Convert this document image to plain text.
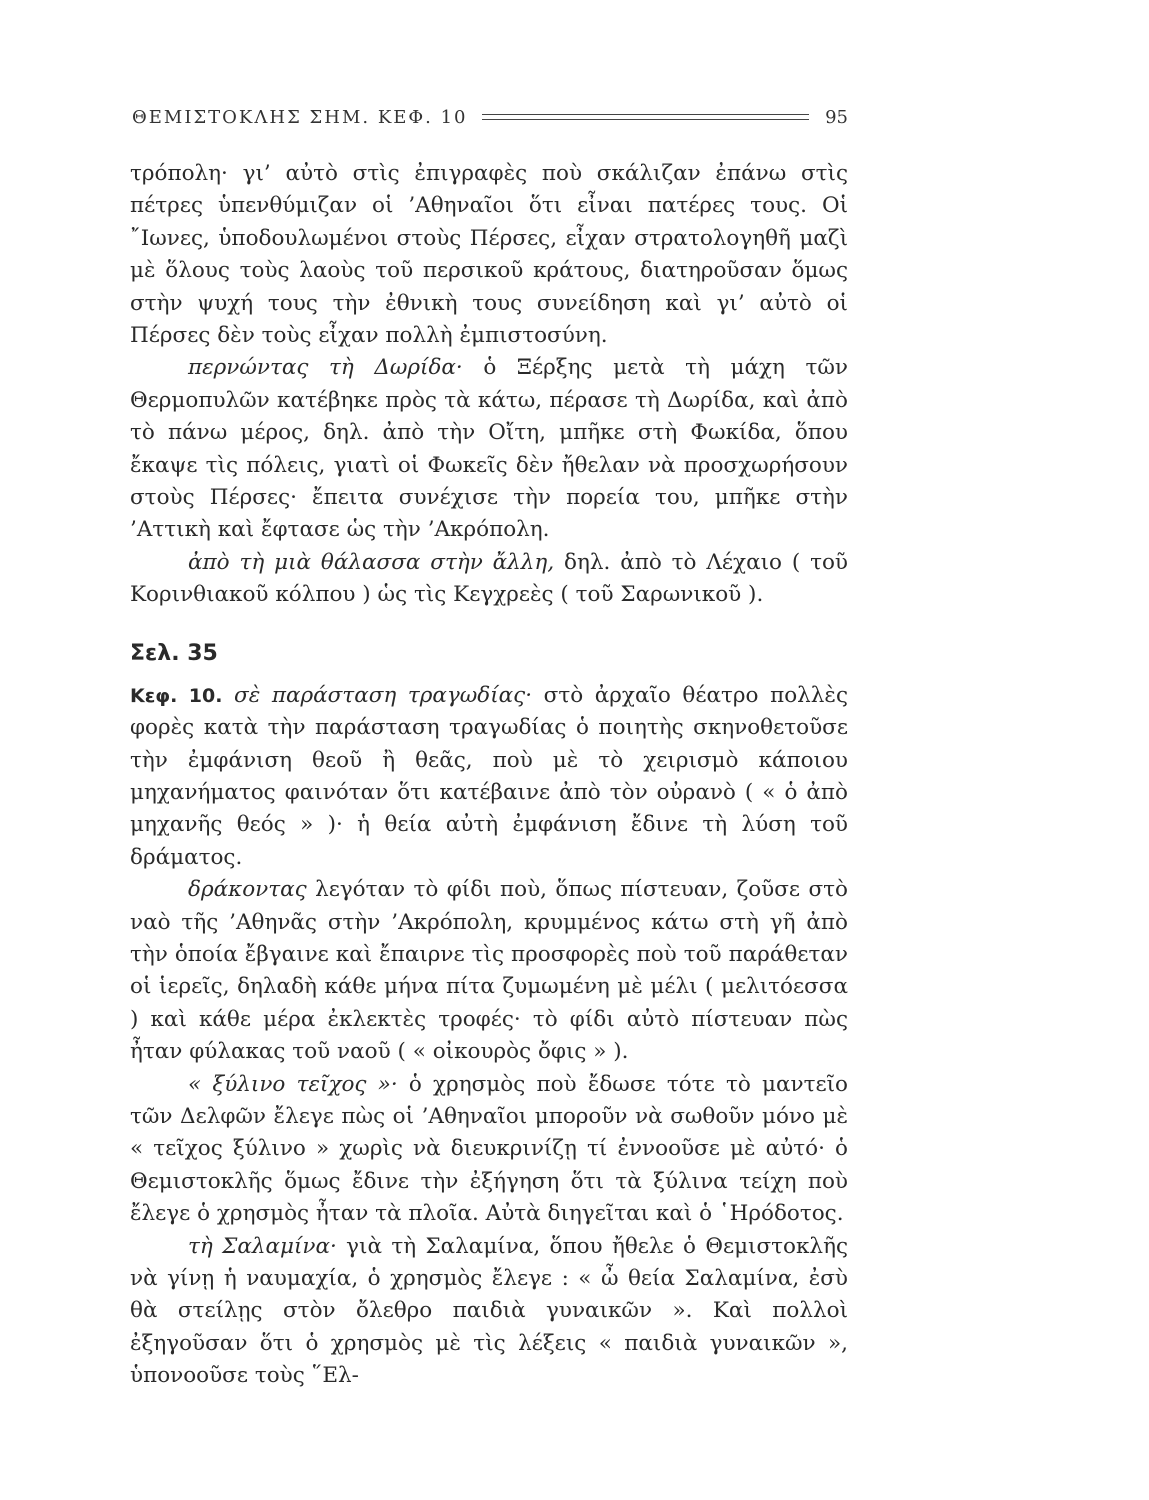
ΘΕΜΙΣΤΟΚΛΗΣ ΣΗΜ. ΚΕΦ. 10	95

τρόπολη· γι’ αὐτὸ στὶς ἐπιγραφὲς ποὺ σκάλιζαν ἐπάνω στὶς πέτρες ὑπενθύμιζαν οἱ ’Αθηναῖοι ὅτι εἶναι πατέρες τους. Οἱ ῎Ιωνες, ὑποδουλωμένοι στοὺς Πέρσες, εἶχαν στρατολογηθῆ μαζὶ μὲ ὅλους τοὺς λαοὺς τοῦ περσικοῦ κράτους, διατηροῦσαν ὅμως στὴν ψυχή τους τὴν ἐθνικὴ τους συνείδηση καὶ γι’ αὐτὸ οἱ Πέρσες δὲν τοὺς εἶχαν πολλὴ ἐμπιστοσύνη.

περνώντας τὴ Δωρίδα· ὁ Ξέρξης μετὰ τὴ μάχη τῶν Θερμοπυλῶν κατέβηκε πρὸς τὰ κάτω, πέρασε τὴ Δωρίδα, καὶ ἀπὸ τὸ πάνω μέρος, δηλ. ἀπὸ τὴν Οἴτη, μπῆκε στὴ Φωκίδα, ὅπου ἔκαψε τὶς πόλεις, γιατὶ οἱ Φωκεῖς δὲν ἤθελαν νὰ προσχωρήσουν στοὺς Πέρσες· ἔπειτα συνέχισε τὴν πορεία του, μπῆκε στὴν ’Αττικὴ καὶ ἔφτασε ὡς τὴν ’Ακρόπολη.

ἀπὸ τὴ μιὰ θάλασσα στὴν ἄλλη, δηλ. ἀπὸ τὸ Λέχαιο ( τοῦ Κορινθιακοῦ κόλπου ) ὡς τὶς Κεγχρεὲς ( τοῦ Σαρωνικοῦ ).

Σελ. 35

Κεφ. 10. σὲ παράσταση τραγωδίας· στὸ ἀρχαῖο θέατρο πολλὲς φορὲς κατὰ τὴν παράσταση τραγωδίας ὁ ποιητὴς σκηνοθετοῦσε τὴν ἐμφάνιση θεοῦ ἢ θεᾶς, ποὺ μὲ τὸ χειρισμὸ κάποιου μηχανήματος φαινόταν ὅτι κατέβαινε ἀπὸ τὸν οὐρανὸ ( « ὁ ἀπὸ μηχανῆς θεός » )· ἡ θεία αὐτὴ ἐμφάνιση ἔδινε τὴ λύση τοῦ δράματος.

δράκοντας λεγόταν τὸ φίδι ποὺ, ὅπως πίστευαν, ζοῦσε στὸ ναὸ τῆς ’Αθηνᾶς στὴν ’Ακρόπολη, κρυμμένος κάτω στὴ γῆ ἀπὸ τὴν ὁποία ἔβγαινε καὶ ἔπαιρνε τὶς προσφορὲς ποὺ τοῦ παράθεταν οἱ ἱερεῖς, δηλαδὴ κάθε μήνα πίτα ζυμωμένη μὲ μέλι ( μελιτόεσσα ) καὶ κάθε μέρα ἐκλεκτὲς τροφές· τὸ φίδι αὐτὸ πίστευαν πὼς ἦταν φύλακας τοῦ ναοῦ ( « οἰκουρὸς ὄφις » ).

« ξύλινο τεῖχος »· ὁ χρησμὸς ποὺ ἔδωσε τότε τὸ μαντεῖο τῶν Δελφῶν ἔλεγε πὼς οἱ ’Αθηναῖοι μποροῦν νὰ σωθοῦν μόνο μὲ « τεῖχος ξύλινο » χωρὶς νὰ διευκρινίζῃ τί ἐννοοῦσε μὲ αὐτό· ὁ Θεμιστοκλῆς ὅμως ἔδινε τὴν ἐξήγηση ὅτι τὰ ξύλινα τείχη ποὺ ἔλεγε ὁ χρησμὸς ἦταν τὰ πλοῖα. Αὐτὰ διηγεῖται καὶ ὁ ῾Ηρόδοτος.

τὴ Σαλαμίνα· γιὰ τὴ Σαλαμίνα, ὅπου ἤθελε ὁ Θεμιστοκλῆς νὰ γίνῃ ἡ ναυμαχία, ὁ χρησμὸς ἔλεγε : « ὦ θεία Σαλαμίνα, ἐσὺ θὰ στείλῃς στὸν ὄλεθρο παιδιὰ γυναικῶν ». Καὶ πολλοὶ ἐξηγοῦσαν ὅτι ὁ χρησμὸς μὲ τὶς λέξεις « παιδιὰ γυναικῶν », ὑπονοοῦσε τοὺς ῞Ελ-
